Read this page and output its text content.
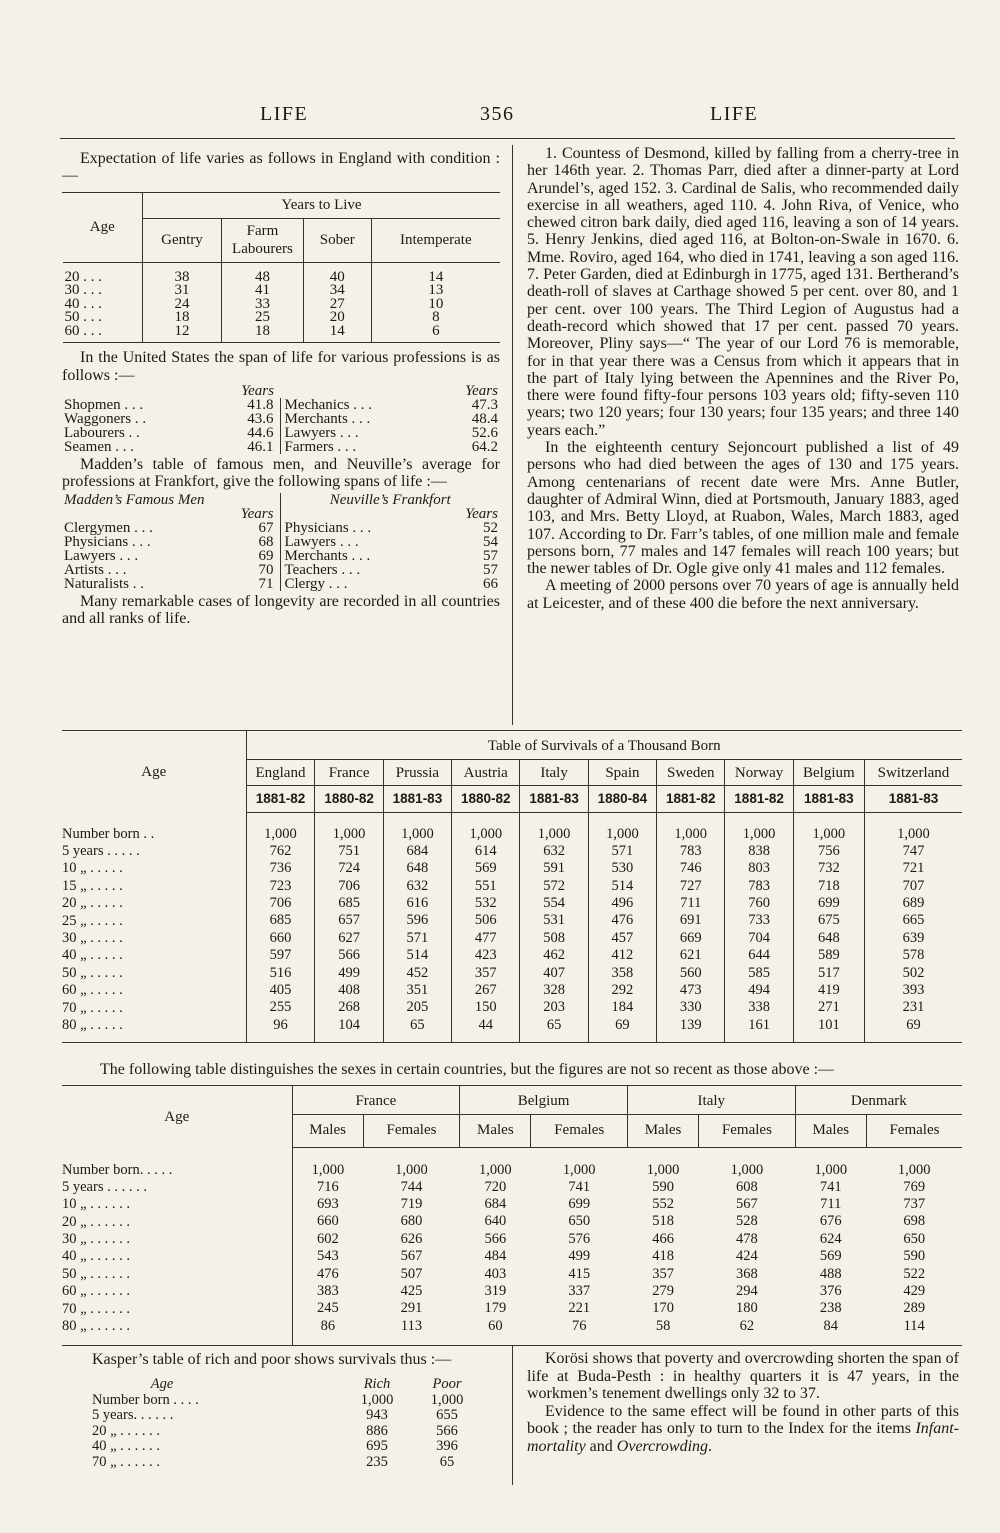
LIFE	356	LIFE

Expectation of life varies as follows in England with condition :—

Age	Years to Live			
	Gentry	Farm Labourers	Sober	Intemperate
20 . . .	38	48	40	14
30 . . .	31	41	34	13
40 . . .	24	33	27	10
50 . . .	18	25	20	8
60 . . .	12	18	14	6

In the United States the span of life for various professions is as follows :—

	Years		Years
Shopmen . . .	41.8	Mechanics . . .	47.3
Waggoners . .	43.6	Merchants . . .	48.4
Labourers . .	44.6	Lawyers . . .	52.6
Seamen . . .	46.1	Farmers . . .	64.2

Madden’s table of famous men, and Neuville’s average for professions at Frankfort, give the following spans of life :—

Madden’s Famous Men		Neuville’s Frankfort	
	Years		Years
Clergymen . . .	67	Physicians . . .	52
Physicians . . .	68	Lawyers . . .	54
Lawyers . . .	69	Merchants . . .	57
Artists . . .	70	Teachers . . .	57
Naturalists . .	71	Clergy . . .	66

Many remarkable cases of longevity are recorded in all countries and all ranks of life.

1. Countess of Desmond, killed by falling from a cherry-tree in her 146th year. 2. Thomas Parr, died after a dinner-party at Lord Arundel’s, aged 152. 3. Cardinal de Salis, who recommended daily exercise in all weathers, aged 110. 4. John Riva, of Venice, who chewed citron bark daily, died aged 116, leaving a son of 14 years. 5. Henry Jenkins, died aged 116, at Bolton-on-Swale in 1670. 6. Mme. Roviro, aged 164, who died in 1741, leaving a son aged 116. 7. Peter Garden, died at Edinburgh in 1775, aged 131. Bertherand’s death-roll of slaves at Carthage showed 5 per cent. over 80, and 1 per cent. over 100 years. The Third Legion of Augustus had a death-record which showed that 17 per cent. passed 70 years. Moreover, Pliny says—“ The year of our Lord 76 is memorable, for in that year there was a Census from which it appears that in the part of Italy lying between the Apennines and the River Po, there were found fifty-four persons 103 years old; fifty-seven 110 years; two 120 years; four 130 years; four 135 years; and three 140 years each.”

In the eighteenth century Sejoncourt published a list of 49 persons who had died between the ages of 130 and 175 years. Among centenarians of recent date were Mrs. Anne Butler, daughter of Admiral Winn, died at Portsmouth, January 1883, aged 103, and Mrs. Betty Lloyd, at Ruabon, Wales, March 1883, aged 107. According to Dr. Farr’s tables, of one million male and female persons born, 77 males and 147 females will reach 100 years; but the newer tables of Dr. Ogle give only 41 males and 112 females.

A meeting of 2000 persons over 70 years of age is annually held at Leicester, and of these 400 die before the next anniversary.

Age	Table of Survivals of a Thousand Born									
	England	France	Prussia	Austria	Italy	Spain	Sweden	Norway	Belgium	Switzerland
	1881-82	1880-82	1881-83	1880-82	1881-83	1880-84	1881-82	1881-82	1881-83	1881-83
Number born . .	1,000	1,000	1,000	1,000	1,000	1,000	1,000	1,000	1,000	1,000
5 years . . . . .	762	751	684	614	632	571	783	838	756	747
10 „ . . . . .	736	724	648	569	591	530	746	803	732	721
15 „ . . . . .	723	706	632	551	572	514	727	783	718	707
20 „ . . . . .	706	685	616	532	554	496	711	760	699	689
25 „ . . . . .	685	657	596	506	531	476	691	733	675	665
30 „ . . . . .	660	627	571	477	508	457	669	704	648	639
40 „ . . . . .	597	566	514	423	462	412	621	644	589	578
50 „ . . . . .	516	499	452	357	407	358	560	585	517	502
60 „ . . . . .	405	408	351	267	328	292	473	494	419	393
70 „ . . . . .	255	268	205	150	203	184	330	338	271	231
80 „ . . . . .	96	104	65	44	65	69	139	161	101	69
The following table distinguishes the sexes in certain countries, but the figures are not so recent as those above :—

Age	France		Belgium		Italy		Denmark	
	Males	Females	Males	Females	Males	Females	Males	Females
Number born. . . . .	1,000	1,000	1,000	1,000	1,000	1,000	1,000	1,000
5 years . . . . . .	716	744	720	741	590	608	741	769
10 „ . . . . . .	693	719	684	699	552	567	711	737
20 „ . . . . . .	660	680	640	650	518	528	676	698
30 „ . . . . . .	602	626	566	576	466	478	624	650
40 „ . . . . . .	543	567	484	499	418	424	569	590
50 „ . . . . . .	476	507	403	415	357	368	488	522
60 „ . . . . . .	383	425	319	337	279	294	376	429
70 „ . . . . . .	245	291	179	221	170	180	238	289
80 „ . . . . . .	86	113	60	76	58	62	84	114
Kasper’s table of rich and poor shows survivals thus :—
Age		Rich	Poor
Number born . . . .		1,000	1,000
5 years. . . . . .		943	655
20 „ . . . . . .		886	566
40 „ . . . . . .		695	396
70 „ . . . . . .		235	65

Korösi shows that poverty and overcrowding shorten the span of life at Buda-Pesth : in healthy quarters it is 47 years, in the workmen’s tenement dwellings only 32 to 37.

Evidence to the same effect will be found in other parts of this book ; the reader has only to turn to the Index for the items Infant-mortality and Overcrowding.
